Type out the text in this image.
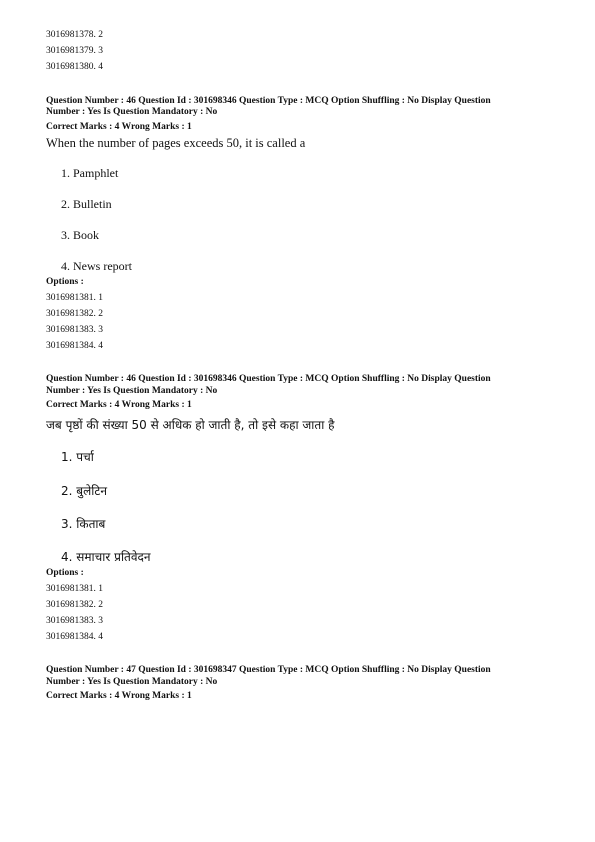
3016981378. 2
3016981379. 3
3016981380. 4
Question Number : 46 Question Id : 301698346 Question Type : MCQ Option Shuffling : No Display Question
Number : Yes Is Question Mandatory : No
Correct Marks : 4 Wrong Marks : 1
When the number of pages exceeds 50, it is called a
1. Pamphlet
2. Bulletin
3. Book
4. News report
Options :
3016981381. 1
3016981382. 2
3016981383. 3
3016981384. 4
Question Number : 46 Question Id : 301698346 Question Type : MCQ Option Shuffling : No Display Question
Number : Yes Is Question Mandatory : No
Correct Marks : 4 Wrong Marks : 1
जब पृष्ठों की संख्या 50 से अधिक हो जाती है, तो इसे कहा जाता है
1. पर्चा
2. बुलेटिन
3. किताब
4. समाचार प्रतिवेदन
Options :
3016981381. 1
3016981382. 2
3016981383. 3
3016981384. 4
Question Number : 47 Question Id : 301698347 Question Type : MCQ Option Shuffling : No Display Question
Number : Yes Is Question Mandatory : No
Correct Marks : 4 Wrong Marks : 1
